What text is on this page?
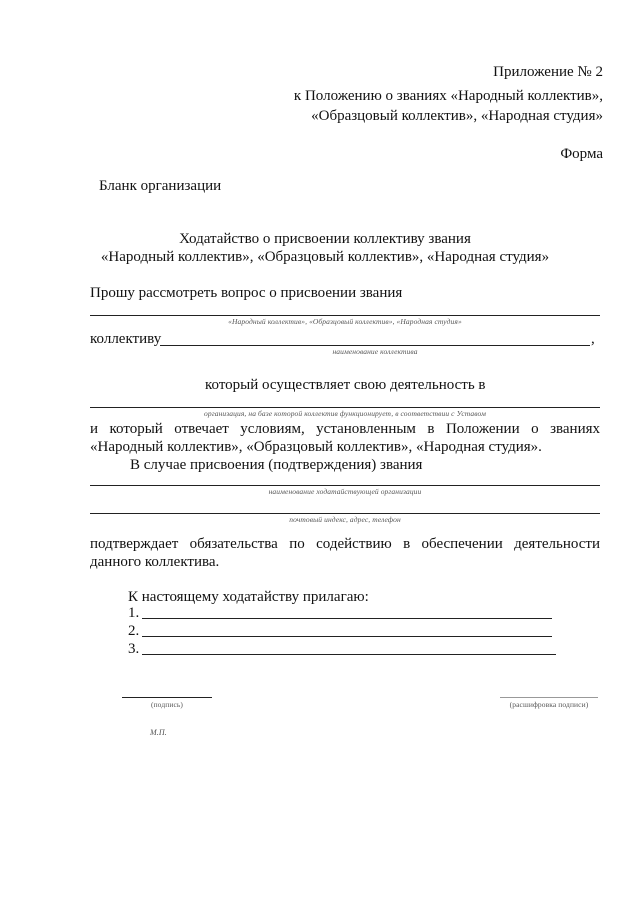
Приложение № 2
к Положению о званиях «Народный коллектив»,
«Образцовый коллектив», «Народная студия»
Форма
Бланк организации
Ходатайство о присвоении коллективу звания
«Народный коллектив», «Образцовый коллектив», «Народная студия»
Прошу рассмотреть вопрос о присвоении звания
«Народный коллектив», «Образцовый коллектив», «Народная студия»
коллективу	,
наименование коллектива
который осуществляет свою деятельность в
организация, на базе которой коллектив функционирует, в соответствии с Уставом
и который отвечает условиям, установленным в Положении о званиях
«Народный коллектив», «Образцовый коллектив», «Народная студия».
В случае присвоения (подтверждения) звания
наименование ходатайствующей организации
почтовый индекс, адрес, телефон
подтверждает обязательства по содействию в обеспечении деятельности
данного коллектива.
К настоящему ходатайству прилагаю:
1.
2.
3.
(подпись)	(расшифровка подписи)
М.П.
